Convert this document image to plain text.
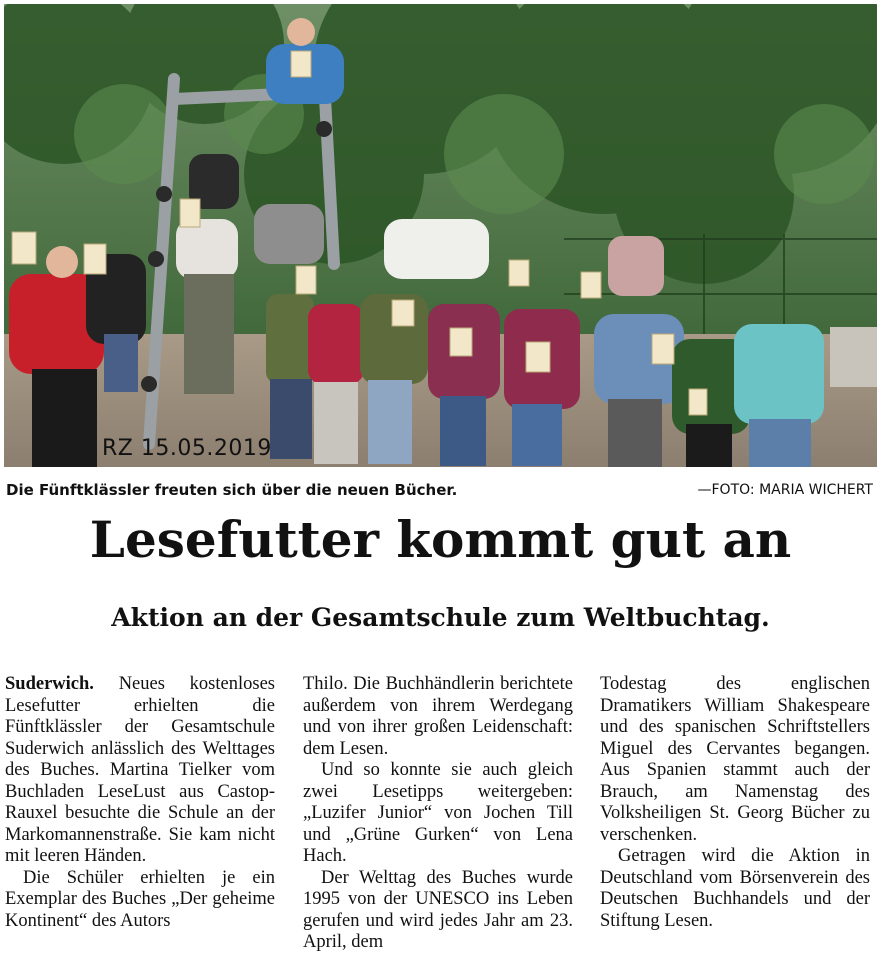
RZ 15.05.2019
Die Fünftklässler freuten sich über die neuen Bücher.	—FOTO: MARIA WICHERT
Lesefutter kommt gut an
Aktion an der Gesamtschule zum Weltbuchtag.

Suderwich. Neues kostenloses Lesefutter erhielten die Fünftklässler der Gesamtschule Suderwich anlässlich des Welttages des Buches. Martina Tielker vom Buchladen LeseLust aus Castop-Rauxel besuchte die Schule an der Markomannenstraße. Sie kam nicht mit leeren Händen.

Die Schüler erhielten je ein Exemplar des Buches „Der geheime Kontinent“ des Autors

Thilo. Die Buchhändlerin berichtete außerdem von ihrem Werdegang und von ihrer großen Leidenschaft: dem Lesen.

Und so konnte sie auch gleich zwei Lesetipps weitergeben: „Luzifer Junior“ von Jochen Till und „Grüne Gurken“ von Lena Hach.

Der Welttag des Buches wurde 1995 von der UNESCO ins Leben gerufen und wird jedes Jahr am 23. April, dem

Todestag des englischen Dramatikers William Shakespeare und des spanischen Schriftstellers Miguel des Cervantes begangen. Aus Spanien stammt auch der Brauch, am Namenstag des Volksheiligen St. Georg Bücher zu verschenken.

Getragen wird die Aktion in Deutschland vom Börsenverein des Deutschen Buchhandels und der Stiftung Lesen.
